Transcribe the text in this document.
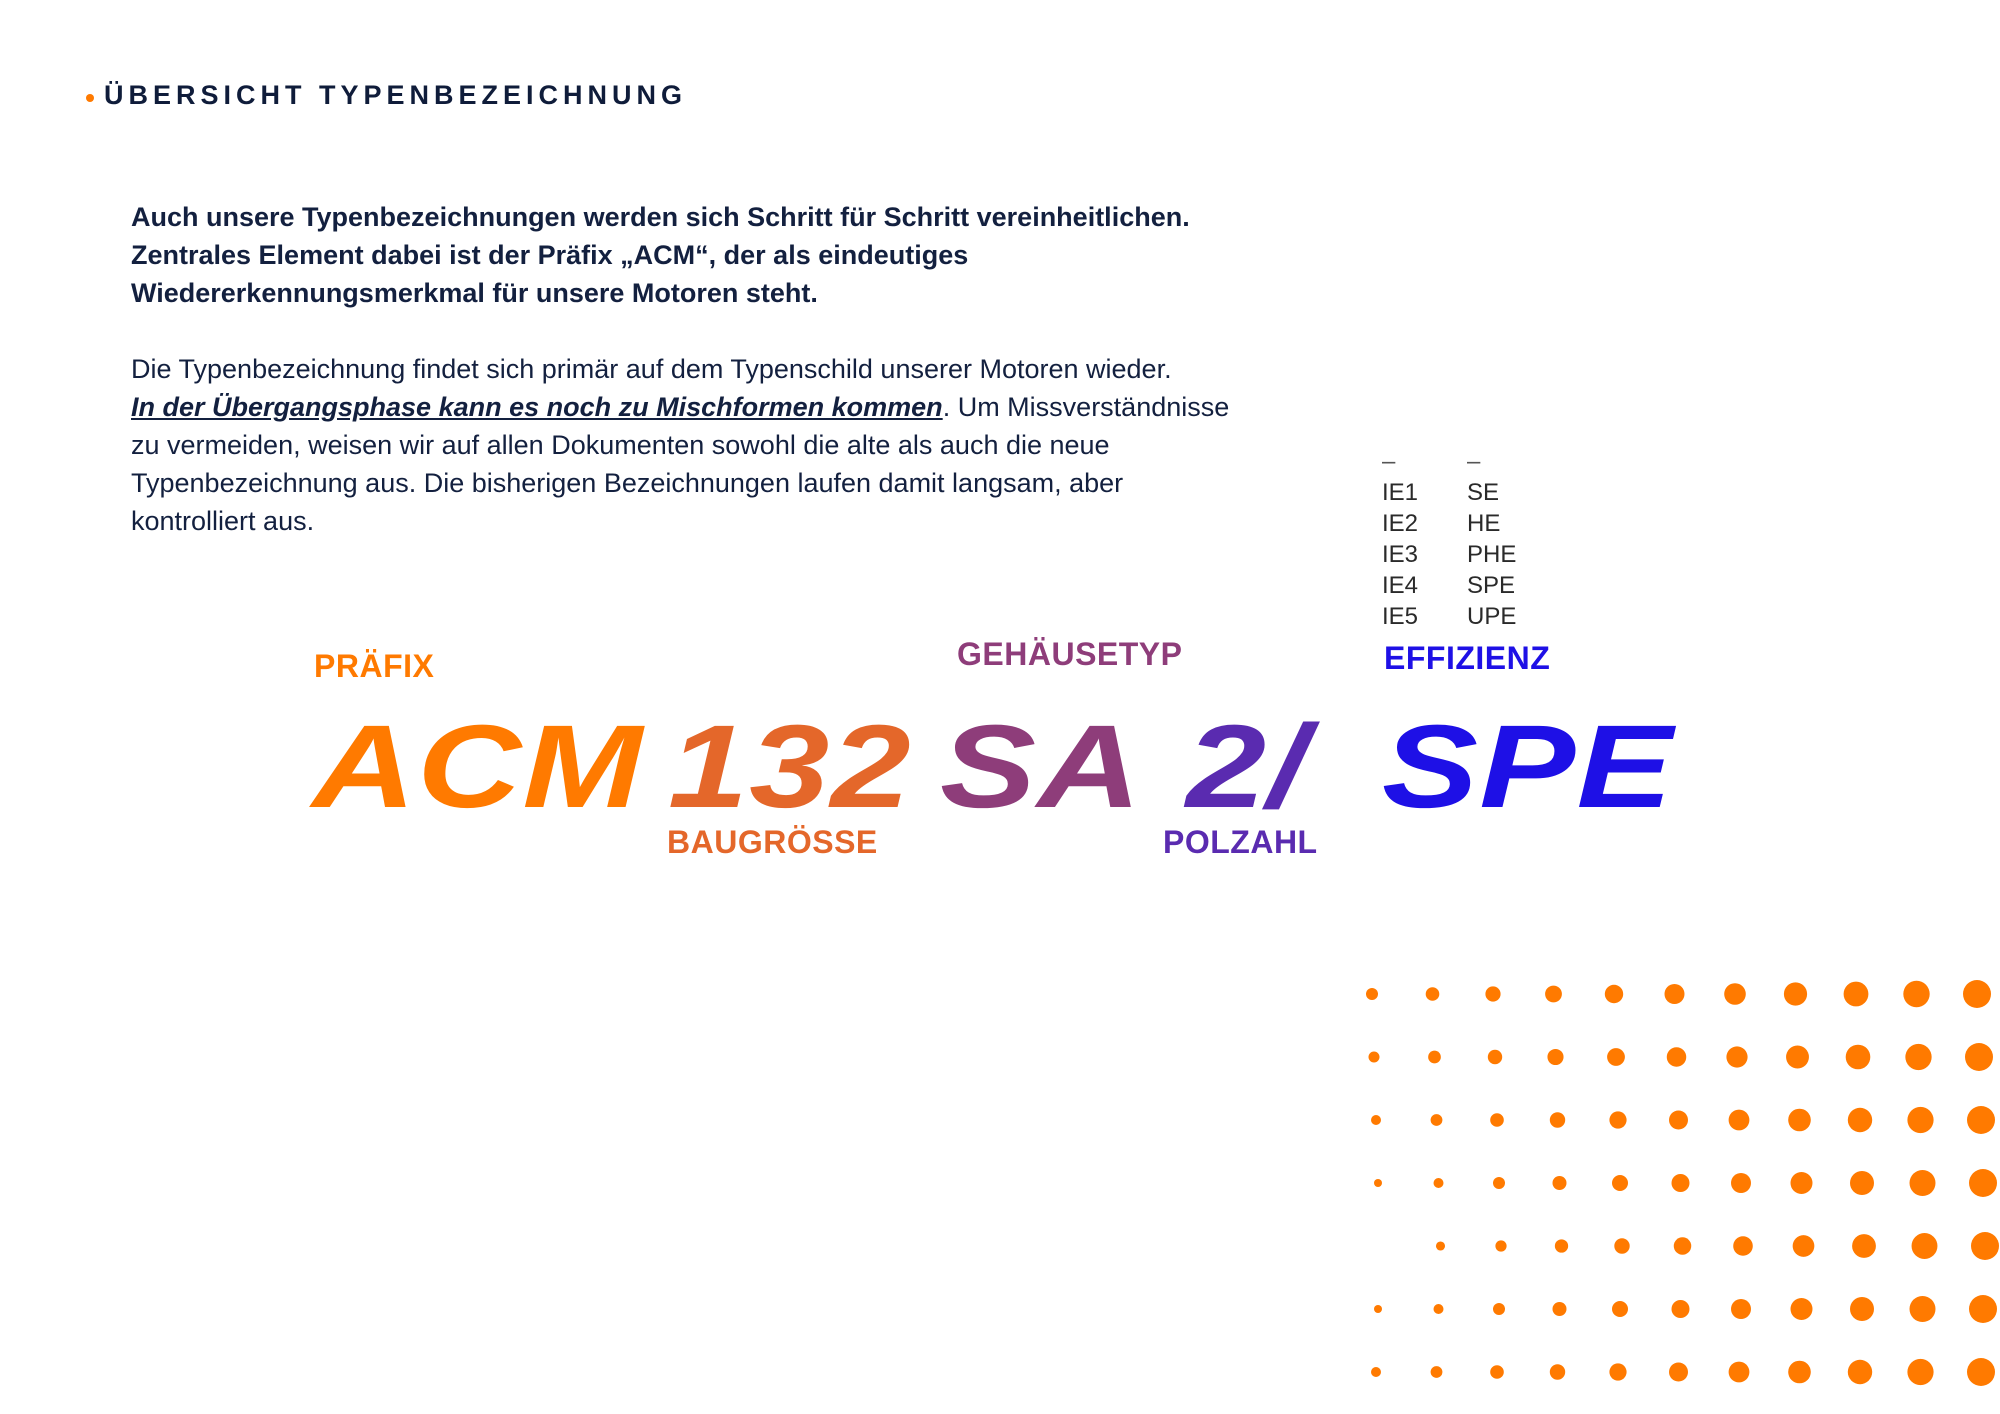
ÜBERSICHT TYPENBEZEICHNUNG

Auch unsere Typenbezeichnungen werden sich Schritt für Schritt vereinheitlichen.

Zentrales Element dabei ist der Präfix „ACM“, der als eindeutiges

Wiedererkennungsmerkmal für unsere Motoren steht.

Die Typenbezeichnung findet sich primär auf dem Typenschild unserer Motoren wieder.
In der Übergangsphase kann es noch zu Mischformen kommen. Um Missverständnisse
zu vermeiden, weisen wir auf allen Dokumenten sowohl die alte als auch die neue
Typenbezeichnung aus. Die bisherigen Bezeichnungen laufen damit langsam, aber
kontrolliert aus.
–	–
IE1	SE
IE2	HE
IE3	PHE
IE4	SPE
IE5	UPE
PRÄFIX	GEHÄUSETYP	EFFIZIENZ
BAUGRÖSSE	POLZAHL
ACM 132 SA 2/ SPE
